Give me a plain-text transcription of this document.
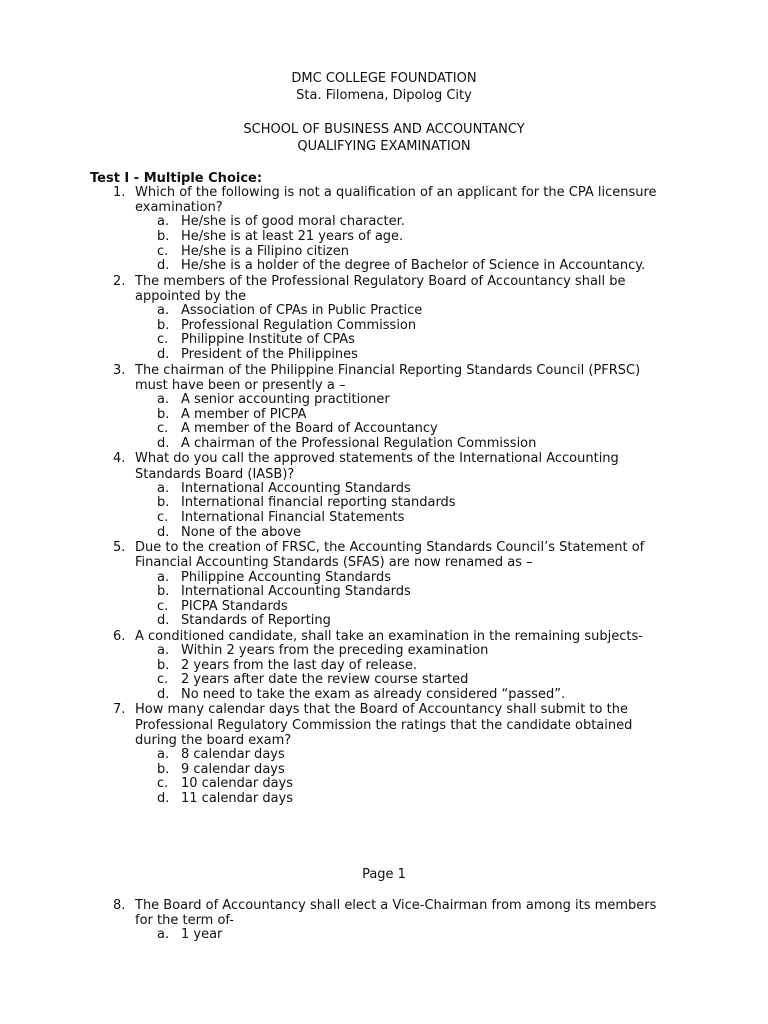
DMC COLLEGE FOUNDATION
Sta. Filomena, Dipolog City
SCHOOL OF BUSINESS AND ACCOUNTANCY
QUALIFYING EXAMINATION
Test I - Multiple Choice:
1. Which of the following is not a qualification of an applicant for the CPA licensure examination?
a. He/she is of good moral character.
b. He/she is at least 21 years of age.
c. He/she is a Filipino citizen
d. He/she is a holder of the degree of Bachelor of Science in Accountancy.
2. The members of the Professional Regulatory Board of Accountancy shall be appointed by the
a. Association of CPAs in Public Practice
b. Professional Regulation Commission
c. Philippine Institute of CPAs
d. President of the Philippines
3. The chairman of the Philippine Financial Reporting Standards Council (PFRSC) must have been or presently a –
a. A senior accounting practitioner
b. A member of PICPA
c. A member of the Board of Accountancy
d. A chairman of the Professional Regulation Commission
4. What do you call the approved statements of the International Accounting Standards Board (IASB)?
a. International Accounting Standards
b. International financial reporting standards
c. International Financial Statements
d. None of the above
5. Due to the creation of FRSC, the Accounting Standards Council’s Statement of Financial Accounting Standards (SFAS) are now renamed as –
a. Philippine Accounting Standards
b. International Accounting Standards
c. PICPA Standards
d. Standards of Reporting
6. A conditioned candidate, shall take an examination in the remaining subjects-
a. Within 2 years from the preceding examination
b. 2 years from the last day of release.
c. 2 years after date the review course started
d. No need to take the exam as already considered “passed”.
7. How many calendar days that the Board of Accountancy shall submit to the Professional Regulatory Commission the ratings that the candidate obtained during the board exam?
a. 8 calendar days
b. 9 calendar days
c. 10 calendar days
d. 11 calendar days
Page 1
8. The Board of Accountancy shall elect a Vice-Chairman from among its members for the term of-
a. 1 year
